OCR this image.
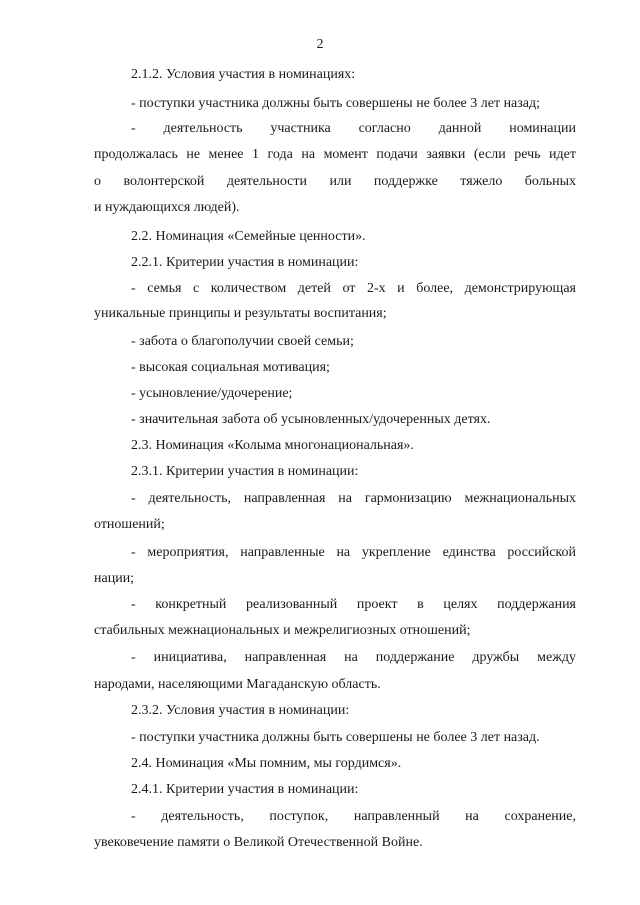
2
2.1.2. Условия участия в номинациях:
- поступки участника должны быть совершены не более 3 лет назад;
- деятельность участника согласно данной номинации
продолжалась не менее 1 года на момент подачи заявки (если речь идет
о волонтерской деятельности или поддержке тяжело больных
и нуждающихся людей).
2.2. Номинация «Семейные ценности».
2.2.1. Критерии участия в номинации:
- семья с количеством детей от 2-х и более, демонстрирующая
уникальные принципы и результаты воспитания;
- забота о благополучии своей семьи;
- высокая социальная мотивация;
- усыновление/удочерение;
- значительная забота об усыновленных/удочеренных детях.
2.3. Номинация «Колыма многонациональная».
2.3.1. Критерии участия в номинации:
- деятельность, направленная на гармонизацию межнациональных
отношений;
- мероприятия, направленные на укрепление единства российской
нации;
- конкретный реализованный проект в целях поддержания
стабильных межнациональных и межрелигиозных отношений;
- инициатива, направленная на поддержание дружбы между
народами, населяющими Магаданскую область.
2.3.2. Условия участия в номинации:
- поступки участника должны быть совершены не более 3 лет назад.
2.4. Номинация «Мы помним, мы гордимся».
2.4.1. Критерии участия в номинации:
- деятельность, поступок, направленный на сохранение,
увековечение памяти о Великой Отечественной Войне.
